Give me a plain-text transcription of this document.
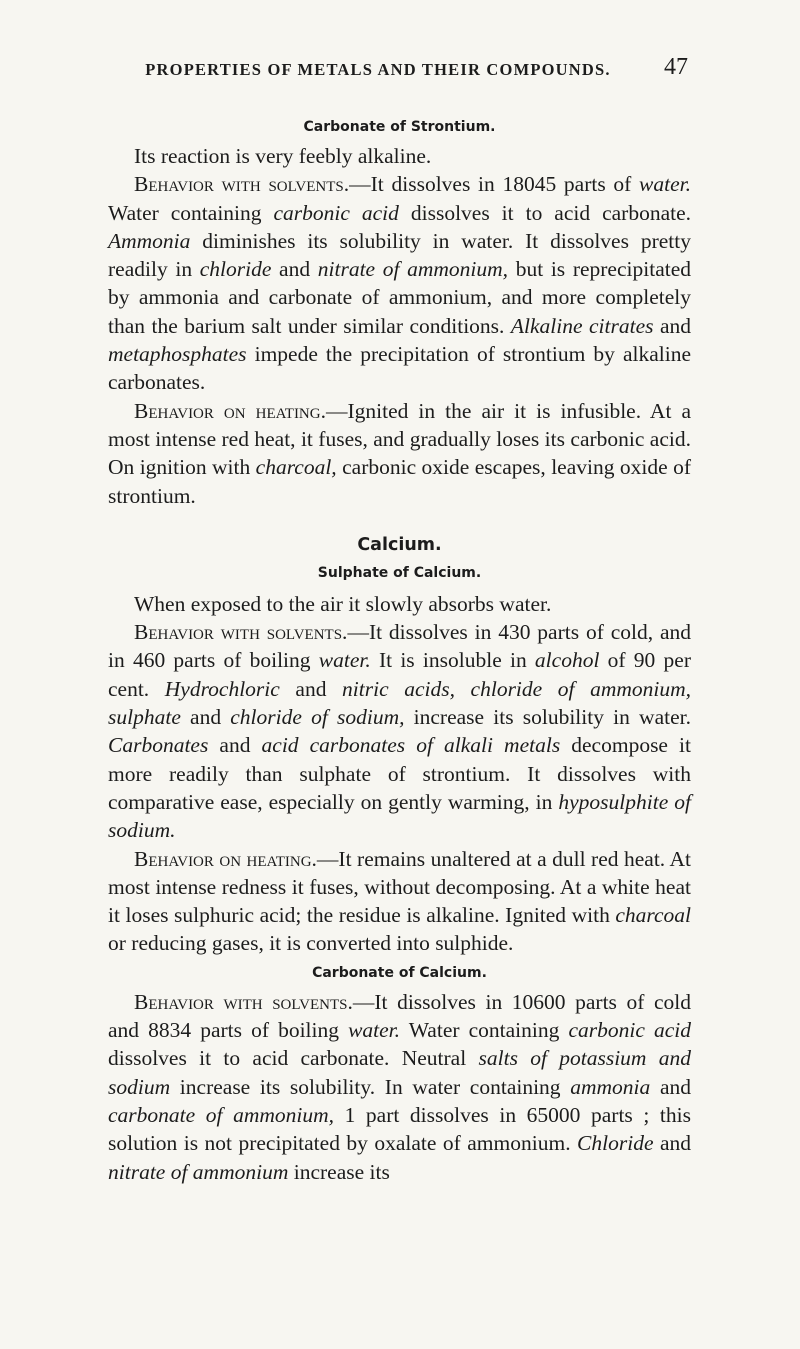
PROPERTIES OF METALS AND THEIR COMPOUNDS.	47
Carbonate of Strontium.

Its reaction is very feebly alkaline.

Behavior with solvents.—It dissolves in 18045 parts of water. Water containing carbonic acid dissolves it to acid carbonate. Ammonia diminishes its solubility in water. It dissolves pretty readily in chloride and nitrate of ammonium, but is reprecipitated by ammonia and carbonate of ammonium, and more completely than the barium salt under similar conditions. Alkaline citrates and metaphosphates impede the precipitation of strontium by alkaline carbonates.

Behavior on heating.—Ignited in the air it is infusible. At a most intense red heat, it fuses, and gradually loses its carbonic acid. On ignition with charcoal, carbonic oxide escapes, leaving oxide of strontium.

Calcium.
Sulphate of Calcium.

When exposed to the air it slowly absorbs water.

Behavior with solvents.—It dissolves in 430 parts of cold, and in 460 parts of boiling water. It is insoluble in alcohol of 90 per cent. Hydrochloric and nitric acids, chloride of ammonium, sulphate and chloride of sodium, increase its solubility in water. Carbonates and acid carbonates of alkali metals decompose it more readily than sulphate of strontium. It dissolves with comparative ease, especially on gently warming, in hyposulphite of sodium.

Behavior on heating.—It remains unaltered at a dull red heat. At most intense redness it fuses, without decomposing. At a white heat it loses sulphuric acid; the residue is alkaline. Ignited with charcoal or reducing gases, it is converted into sulphide.

Carbonate of Calcium.

Behavior with solvents.—It dissolves in 10600 parts of cold and 8834 parts of boiling water. Water containing carbonic acid dissolves it to acid carbonate. Neutral salts of potassium and sodium increase its solubility. In water containing ammonia and carbonate of ammonium, 1 part dissolves in 65000 parts ; this solution is not precipitated by oxalate of ammonium. Chloride and nitrate of ammonium increase its
